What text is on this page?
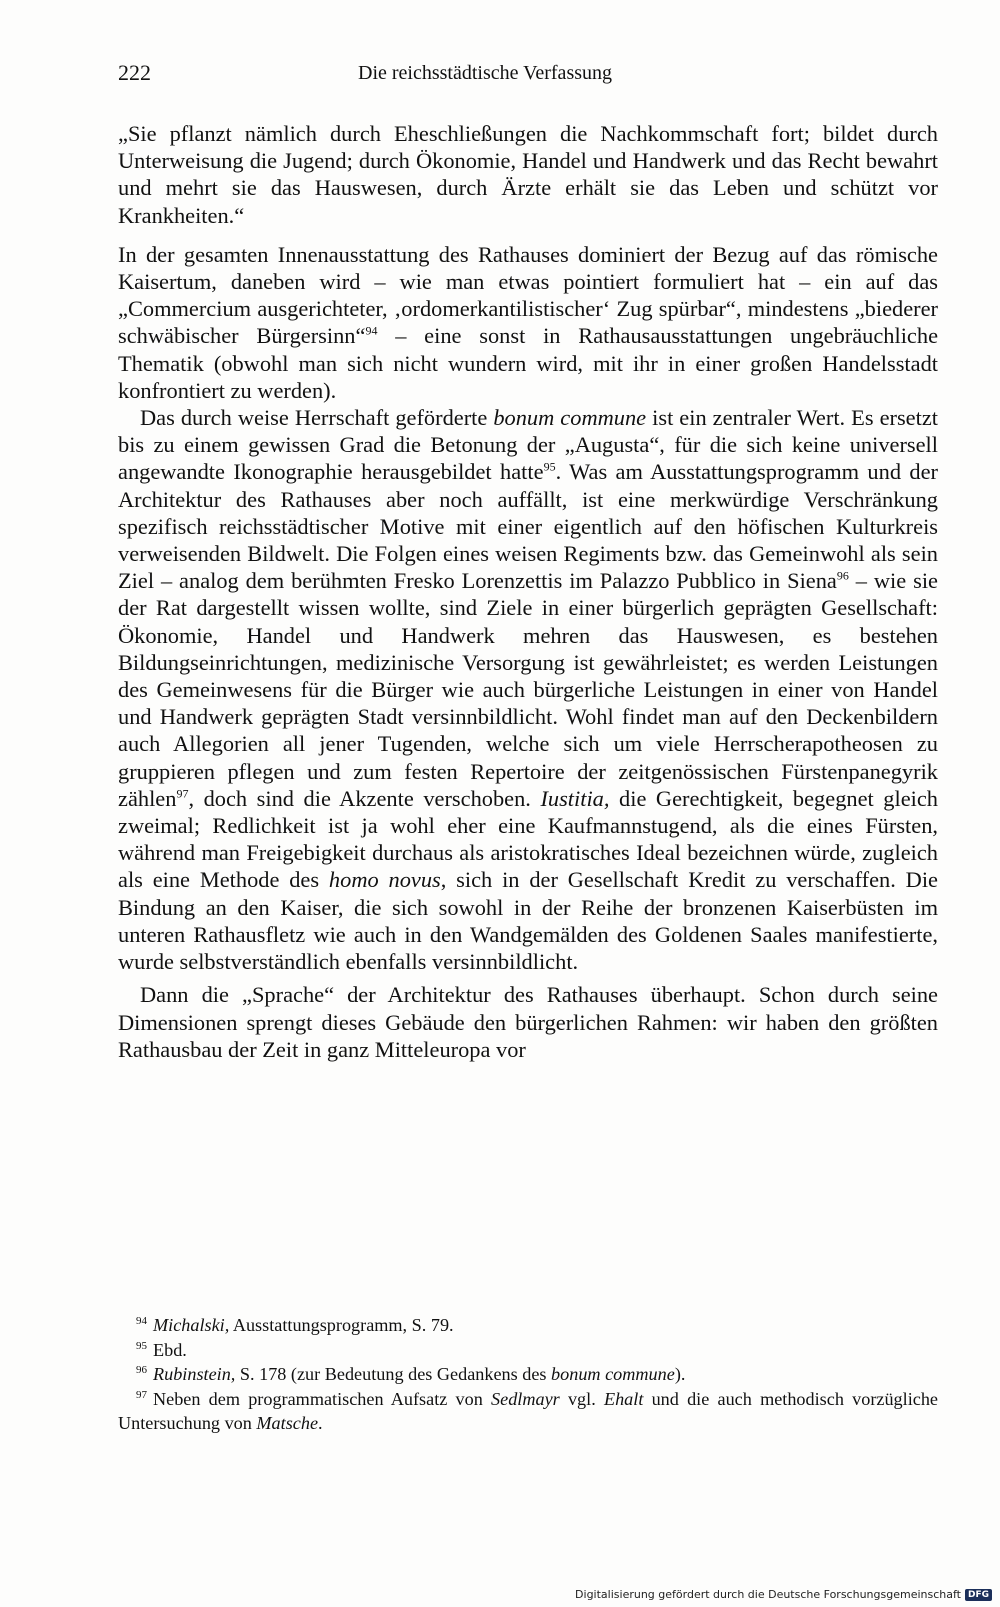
222	Die reichsstädtische Verfassung

„Sie pflanzt nämlich durch Eheschließungen die Nachkommschaft fort; bildet durch Unterweisung die Jugend; durch Ökonomie, Handel und Handwerk und das Recht bewahrt und mehrt sie das Hauswesen, durch Ärzte erhält sie das Leben und schützt vor Krankheiten.“

In der gesamten Innenausstattung des Rathauses dominiert der Bezug auf das römische Kaisertum, daneben wird – wie man etwas pointiert formuliert hat – ein auf das „Commercium ausgerichteter, ‚ordomerkantilistischer‘ Zug spürbar“, mindestens „biederer schwäbischer Bürgersinn“$^{94}$ – eine sonst in Rathausausstattungen ungebräuchliche Thematik (obwohl man sich nicht wundern wird, mit ihr in einer großen Handelsstadt konfrontiert zu werden).

Das durch weise Herrschaft geförderte bonum commune ist ein zentraler Wert. Es ersetzt bis zu einem gewissen Grad die Betonung der „Augusta“, für die sich keine universell angewandte Ikonographie herausgebildet hatte$^{95}$. Was am Ausstattungsprogramm und der Architektur des Rathauses aber noch auffällt, ist eine merkwürdige Verschränkung spezifisch reichsstädtischer Motive mit einer eigentlich auf den höfischen Kulturkreis verweisenden Bildwelt. Die Folgen eines weisen Regiments bzw. das Gemeinwohl als sein Ziel – analog dem berühmten Fresko Lorenzettis im Palazzo Pubblico in Siena$^{96}$ – wie sie der Rat dargestellt wissen wollte, sind Ziele in einer bürgerlich geprägten Gesellschaft: Ökonomie, Handel und Handwerk mehren das Hauswesen, es bestehen Bildungseinrichtungen, medizinische Versorgung ist gewährleistet; es werden Leistungen des Gemeinwesens für die Bürger wie auch bürgerliche Leistungen in einer von Handel und Handwerk geprägten Stadt versinnbildlicht. Wohl findet man auf den Deckenbildern auch Allegorien all jener Tugenden, welche sich um viele Herrscherapotheosen zu gruppieren pflegen und zum festen Repertoire der zeitgenössischen Fürstenpanegyrik zählen$^{97}$, doch sind die Akzente verschoben. Iustitia, die Gerechtigkeit, begegnet gleich zweimal; Redlichkeit ist ja wohl eher eine Kaufmannstugend, als die eines Fürsten, während man Freigebigkeit durchaus als aristokratisches Ideal bezeichnen würde, zugleich als eine Methode des homo novus, sich in der Gesellschaft Kredit zu verschaffen. Die Bindung an den Kaiser, die sich sowohl in der Reihe der bronzenen Kaiserbüsten im unteren Rathausfletz wie auch in den Wandgemälden des Goldenen Saales manifestierte, wurde selbstverständlich ebenfalls versinnbildlicht.

Dann die „Sprache“ der Architektur des Rathauses überhaupt. Schon durch seine Dimensionen sprengt dieses Gebäude den bürgerlichen Rahmen: wir haben den größten Rathausbau der Zeit in ganz Mitteleuropa vor

$^{94}$ Michalski, Ausstattungsprogramm, S. 79.

$^{95}$ Ebd.

$^{96}$ Rubinstein, S. 178 (zur Bedeutung des Gedankens des bonum commune).

$^{97}$ Neben dem programmatischen Aufsatz von Sedlmayr vgl. Ehalt und die auch methodisch vorzügliche Untersuchung von Matsche.

Digitalisierung gefördert durch die Deutsche Forschungsgemeinschaft DFG
